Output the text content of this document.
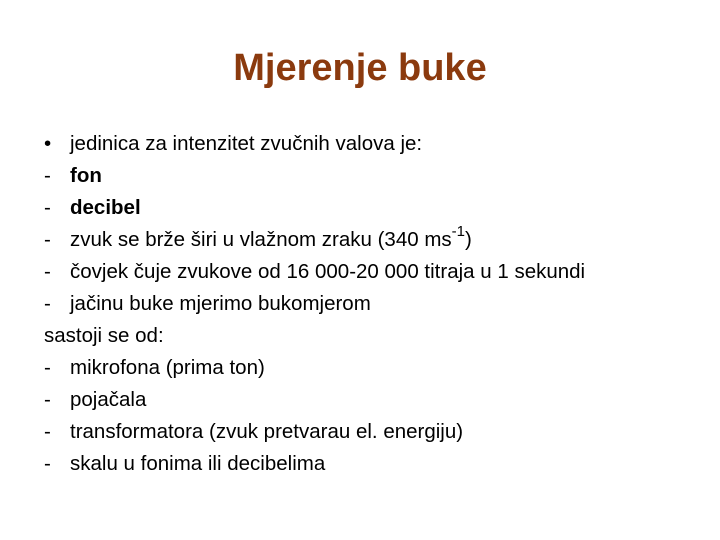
Mjerenje buke
• jedinica za intenzitet zvučnih valova je:
- fon
- decibel
- zvuk se brže širi u vlažnom zraku (340 $ms^{-1}$)
- čovjek čuje zvukove od 16 000-20 000 titraja u 1 sekundi
- jačinu buke mjerimo bukomjerom
sastoji se od:
- mikrofona (prima ton)
- pojačala
- transformatora (zvuk pretvarau el. energiju)
- skalu u fonima ili decibelima
